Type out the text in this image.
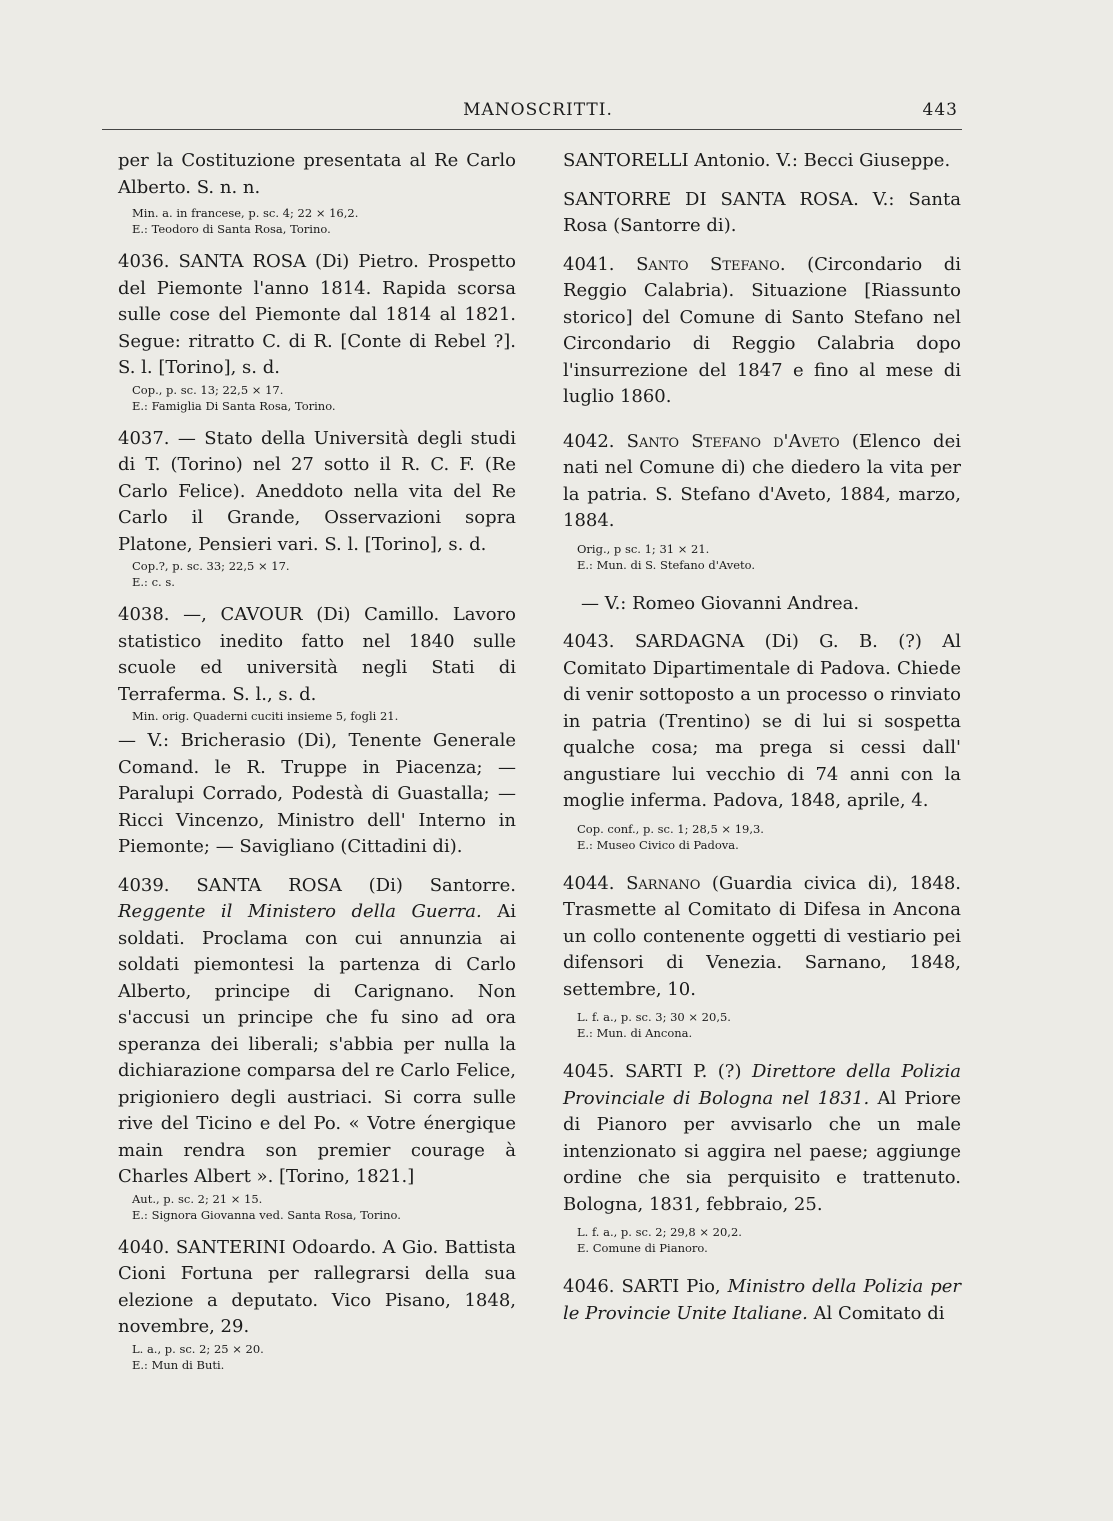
MANOSCRITTI.	443

per la Costituzione presentata al Re Carlo Alberto. S. n. n.

Min. a. in francese, p. sc. 4; 22 × 16,2.

E.: Teodoro di Santa Rosa, Torino.

4036. SANTA ROSA (Di) Pietro. Prospetto del Piemonte l'anno 1814. Rapida scorsa sulle cose del Piemonte dal 1814 al 1821. Segue: ritratto C. di R. [Conte di Rebel ?]. S. l. [Torino], s. d.

Cop., p. sc. 13; 22,5 × 17.

E.: Famiglia Di Santa Rosa, Torino.

4037. — Stato della Università degli studi di T. (Torino) nel 27 sotto il R. C. F. (Re Carlo Felice). Aneddoto nella vita del Re Carlo il Grande, Osservazioni sopra Platone, Pensieri vari. S. l. [Torino], s. d.

Cop.?, p. sc. 33; 22,5 × 17.

E.: c. s.

4038. —, CAVOUR (Di) Camillo. Lavoro statistico inedito fatto nel 1840 sulle scuole ed università negli Stati di Terraferma. S. l., s. d.

Min. orig. Quaderni cuciti insieme 5, fogli 21.

— V.: Bricherasio (Di), Tenente Generale Comand. le R. Truppe in Piacenza; — Paralupi Corrado, Podestà di Guastalla; — Ricci Vincenzo, Ministro dell' Interno in Piemonte; — Savigliano (Cittadini di).

4039. SANTA ROSA (Di) Santorre. Reggente il Ministero della Guerra. Ai soldati. Proclama con cui annunzia ai soldati piemontesi la partenza di Carlo Alberto, principe di Carignano. Non s'accusi un principe che fu sino ad ora speranza dei liberali; s'abbia per nulla la dichiarazione comparsa del re Carlo Felice, prigioniero degli austriaci. Si corra sulle rive del Ticino e del Po. « Votre énergique main rendra son premier courage à Charles Albert ». [Torino, 1821.]

Aut., p. sc. 2; 21 × 15.

E.: Signora Giovanna ved. Santa Rosa, Torino.

4040. SANTERINI Odoardo. A Gio. Battista Cioni Fortuna per rallegrarsi della sua elezione a deputato. Vico Pisano, 1848, novembre, 29.

L. a., p. sc. 2; 25 × 20.

E.: Mun di Buti.

SANTORELLI Antonio. V.: Becci Giuseppe.

SANTORRE DI SANTA ROSA. V.: Santa Rosa (Santorre di).

4041. Santo Stefano. (Circondario di Reggio Calabria). Situazione [Riassunto storico] del Comune di Santo Stefano nel Circondario di Reggio Calabria dopo l'insurrezione del 1847 e fino al mese di luglio 1860.

4042. Santo Stefano d'Aveto (Elenco dei nati nel Comune di) che diedero la vita per la patria. S. Stefano d'Aveto, 1884, marzo, 1884.

Orig., p sc. 1; 31 × 21.

E.: Mun. di S. Stefano d'Aveto.

— V.: Romeo Giovanni Andrea.

4043. SARDAGNA (Di) G. B. (?) Al Comitato Dipartimentale di Padova. Chiede di venir sottoposto a un processo o rinviato in patria (Trentino) se di lui si sospetta qualche cosa; ma prega si cessi dall' angustiare lui vecchio di 74 anni con la moglie inferma. Padova, 1848, aprile, 4.

Cop. conf., p. sc. 1; 28,5 × 19,3.

E.: Museo Civico di Padova.

4044. Sarnano (Guardia civica di), 1848. Trasmette al Comitato di Difesa in Ancona un collo contenente oggetti di vestiario pei difensori di Venezia. Sarnano, 1848, settembre, 10.

L. f. a., p. sc. 3; 30 × 20,5.

E.: Mun. di Ancona.

4045. SARTI P. (?) Direttore della Polizia Provinciale di Bologna nel 1831. Al Priore di Pianoro per avvisarlo che un male intenzionato si aggira nel paese; aggiunge ordine che sia perquisito e trattenuto. Bologna, 1831, febbraio, 25.

L. f. a., p. sc. 2; 29,8 × 20,2.

E. Comune di Pianoro.

4046. SARTI Pio, Ministro della Polizia per le Provincie Unite Italiane. Al Comitato di
